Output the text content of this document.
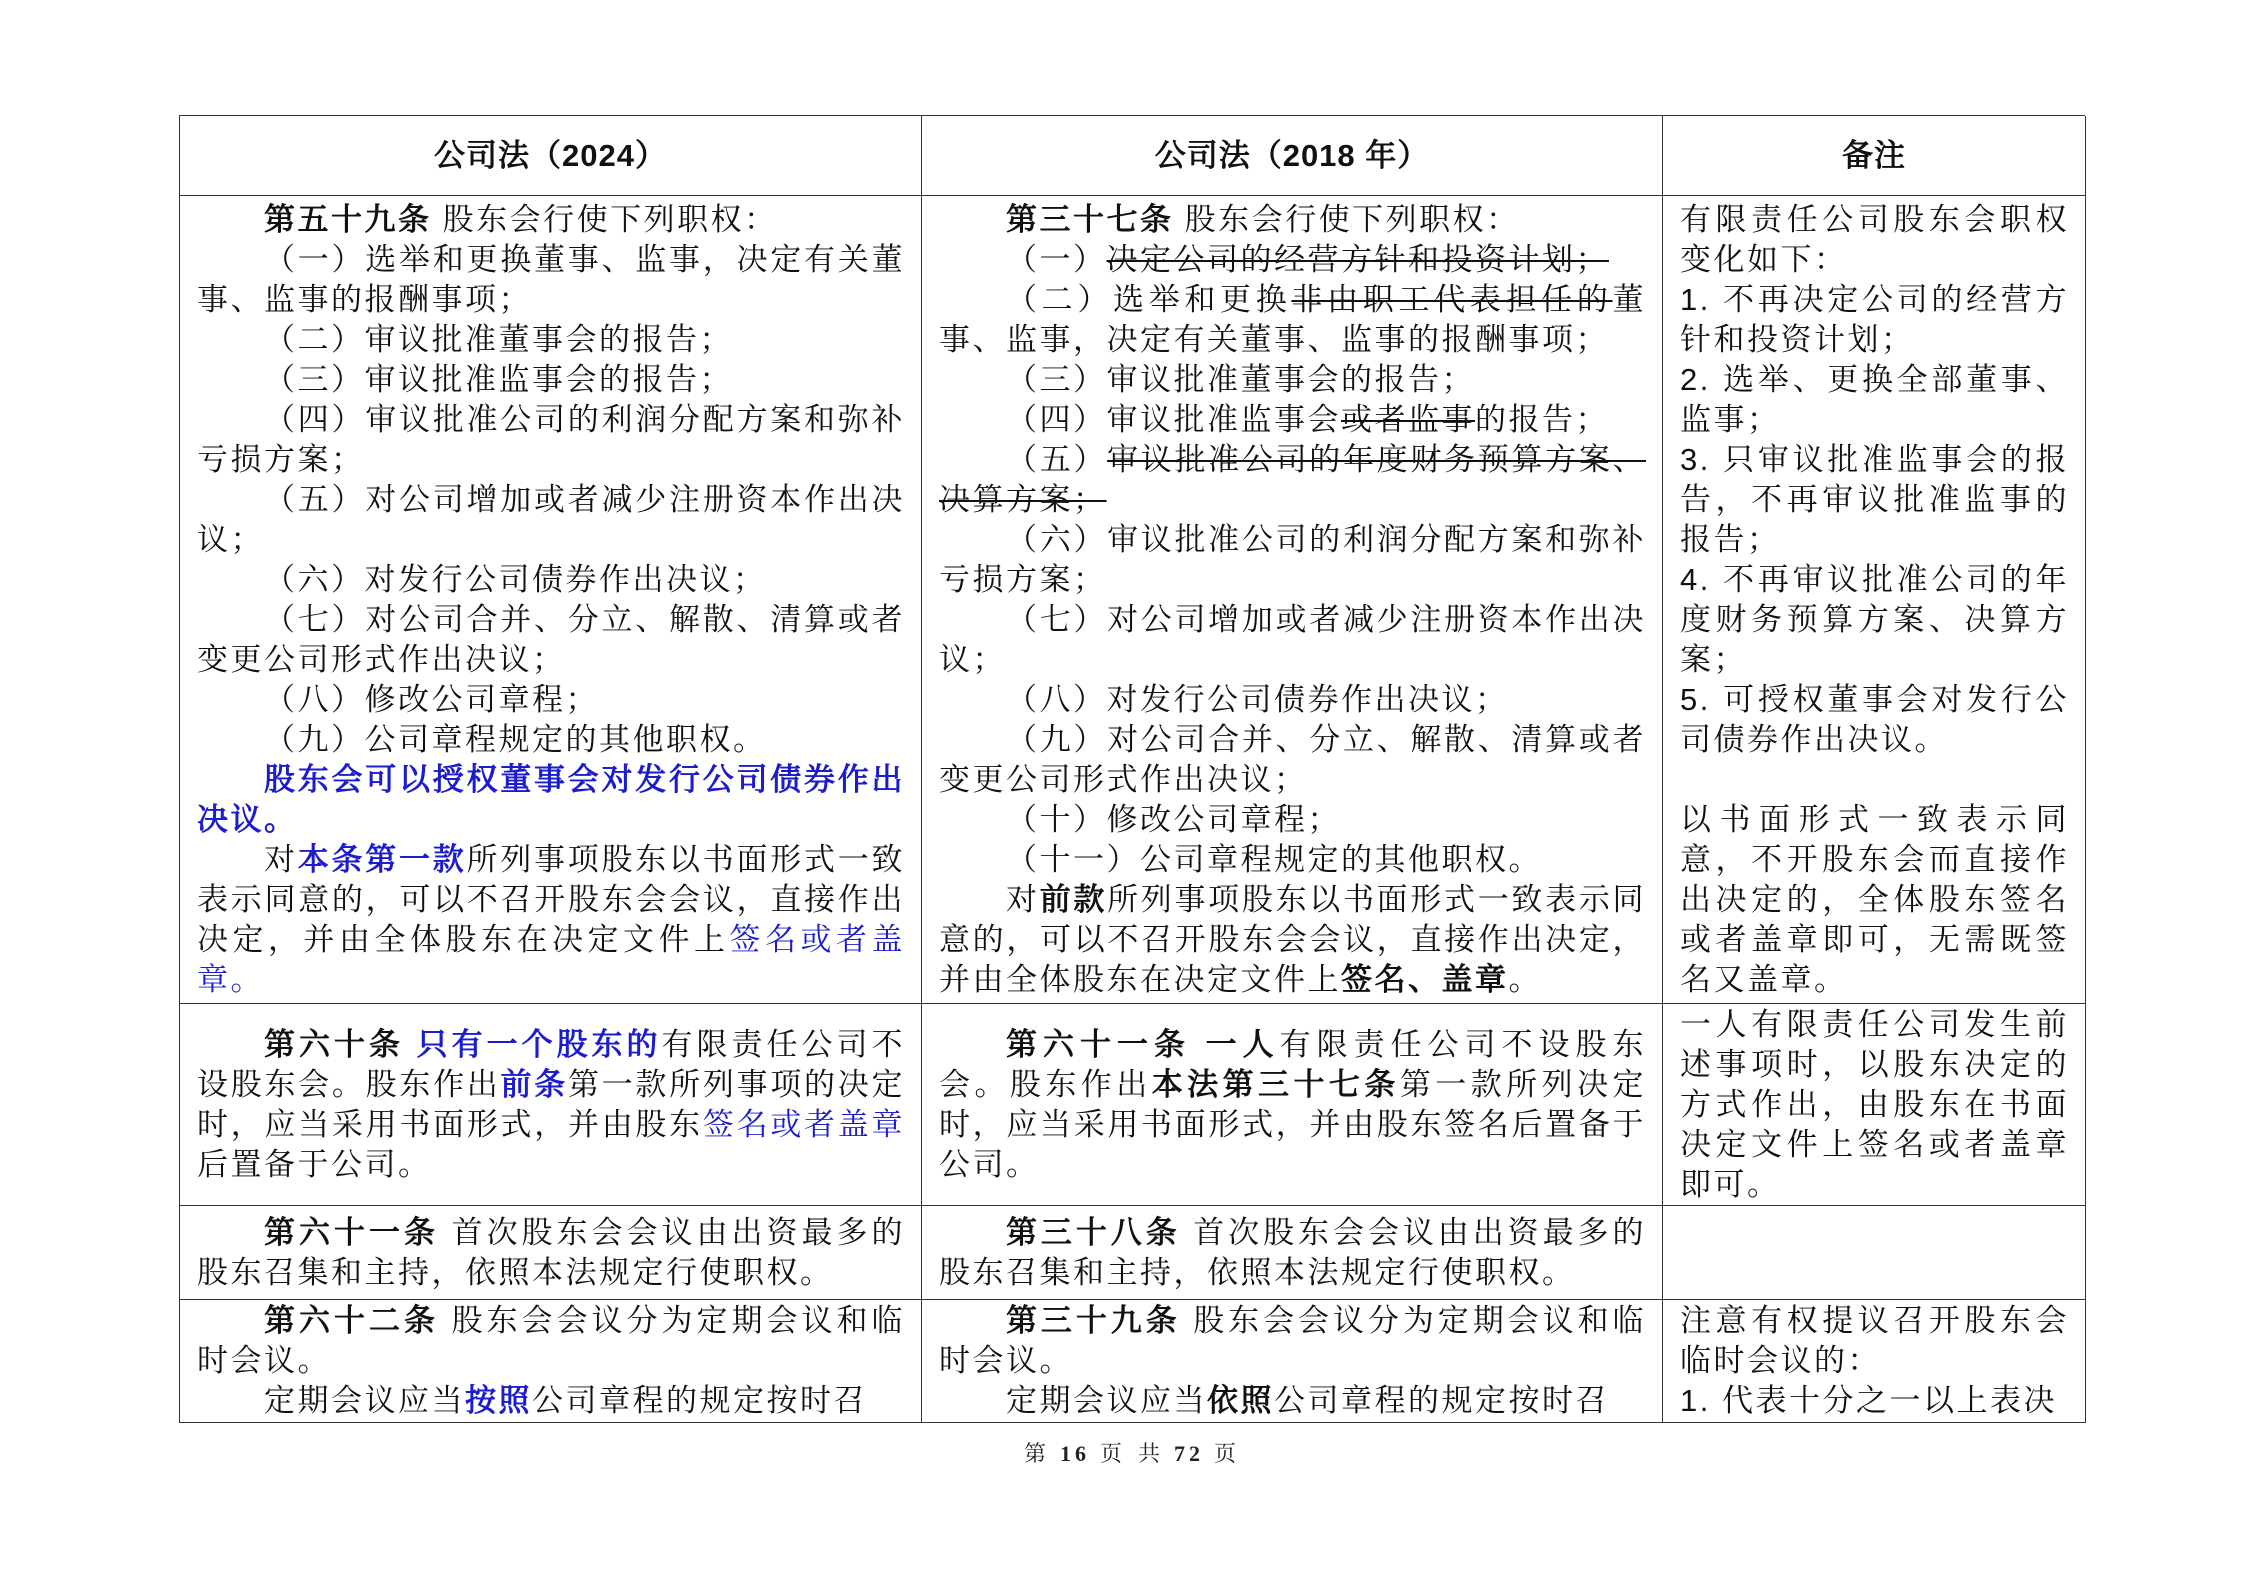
公司法（2024）	公司法（2018 年）	备注
第五十九条 股东会行使下列职权：
（一）选举和更换董事、监事，决定有关董事、监事的报酬事项；
（二）审议批准董事会的报告；
（三）审议批准监事会的报告；
（四）审议批准公司的利润分配方案和弥补亏损方案；
（五）对公司增加或者减少注册资本作出决议；
（六）对发行公司债券作出决议；
（七）对公司合并、分立、解散、清算或者变更公司形式作出决议；
（八）修改公司章程；
（九）公司章程规定的其他职权。
股东会可以授权董事会对发行公司债券作出决议。
对本条第一款所列事项股东以书面形式一致表示同意的，可以不召开股东会会议，直接作出决定，并由全体股东在决定文件上签名或者盖章。
第三十七条 股东会行使下列职权：
（一）决定公司的经营方针和投资计划；
（二）选举和更换非由职工代表担任的董事、监事，决定有关董事、监事的报酬事项；
（三）审议批准董事会的报告；
（四）审议批准监事会或者监事的报告；
（五）审议批准公司的年度财务预算方案、决算方案；
（六）审议批准公司的利润分配方案和弥补亏损方案；
（七）对公司增加或者减少注册资本作出决议；
（八）对发行公司债券作出决议；
（九）对公司合并、分立、解散、清算或者变更公司形式作出决议；
（十）修改公司章程；
（十一）公司章程规定的其他职权。
对前款所列事项股东以书面形式一致表示同意的，可以不召开股东会会议，直接作出决定，并由全体股东在决定文件上签名、盖章。
有限责任公司股东会职权变化如下：
1. 不再决定公司的经营方针和投资计划；
2. 选举、更换全部董事、监事；
3. 只审议批准监事会的报告，不再审议批准监事的报告；
4. 不再审议批准公司的年度财务预算方案、决算方案；
5. 可授权董事会对发行公司债券作出决议。
以书面形式一致表示同意，不开股东会而直接作出决定的，全体股东签名或者盖章即可，无需既签名又盖章。
第六十条 只有一个股东的有限责任公司不设股东会。股东作出前条第一款所列事项的决定时，应当采用书面形式，并由股东签名或者盖章后置备于公司。
第六十一条 一人有限责任公司不设股东会。股东作出本法第三十七条第一款所列决定时，应当采用书面形式，并由股东签名后置备于公司。
一人有限责任公司发生前述事项时，以股东决定的方式作出，由股东在书面决定文件上签名或者盖章即可。
第六十一条 首次股东会会议由出资最多的股东召集和主持，依照本法规定行使职权。
第三十八条 首次股东会会议由出资最多的股东召集和主持，依照本法规定行使职权。
第六十二条 股东会会议分为定期会议和临时会议。
定期会议应当按照公司章程的规定按时召
第三十九条 股东会会议分为定期会议和临时会议。
定期会议应当依照公司章程的规定按时召
注意有权提议召开股东会临时会议的：
1. 代表十分之一以上表决
第 16 页 共 72 页
